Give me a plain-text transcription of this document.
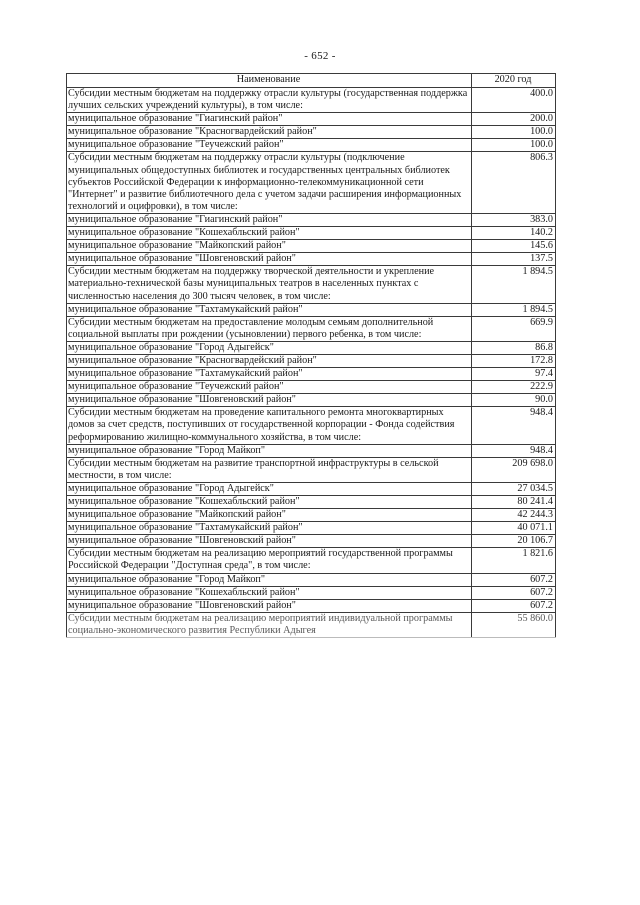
- 652 -
Наименование	2020 год
Субсидии местным бюджетам на поддержку отрасли культуры (государственная поддержка лучших сельских учреждений культуры), в том числе:	400.0
муниципальное образование "Гиагинский район"	200.0
муниципальное образование "Красногвардейский район"	100.0
муниципальное образование "Теучежский район"	100.0
Субсидии местным бюджетам на поддержку отрасли культуры (подключение муниципальных общедоступных библиотек и государственных центральных библиотек субъектов Российской Федерации к информационно-телекоммуникационной сети "Интернет" и развитие библиотечного дела с учетом задачи расширения информационных технологий и оцифровки), в том числе:	806.3
муниципальное образование "Гиагинский район"	383.0
муниципальное образование "Кошехабльский район"	140.2
муниципальное образование "Майкопский район"	145.6
муниципальное образование "Шовгеновский район"	137.5
Субсидии местным бюджетам на поддержку творческой деятельности и укрепление материально-технической базы муниципальных театров в населенных пунктах с численностью населения до 300 тысяч человек, в том числе:	1 894.5
муниципальное образование "Тахтамукайский район"	1 894.5
Субсидии местным бюджетам на предоставление молодым семьям дополнительной социальной выплаты при рождении (усыновлении) первого ребенка, в том числе:	669.9
муниципальное образование "Город Адыгейск"	86.8
муниципальное образование "Красногвардейский район"	172.8
муниципальное образование "Тахтамукайский район"	97.4
муниципальное образование "Теучежский район"	222.9
муниципальное образование "Шовгеновский район"	90.0
Субсидии местным бюджетам на проведение капитального ремонта многоквартирных домов за счет средств, поступивших от государственной корпорации - Фонда содействия реформированию жилищно-коммунального хозяйства, в том числе:	948.4
муниципальное образование "Город Майкоп"	948.4
Субсидии местным бюджетам на развитие транспортной инфраструктуры в сельской местности, в том числе:	209 698.0
муниципальное образование "Город Адыгейск"	27 034.5
муниципальное образование "Кошехабльский район"	80 241.4
муниципальное образование "Майкопский район"	42 244.3
муниципальное образование "Тахтамукайский район"	40 071.1
муниципальное образование "Шовгеновский район"	20 106.7
Субсидии местным бюджетам на реализацию мероприятий государственной программы Российской Федерации "Доступная среда", в том числе:	1 821.6
муниципальное образование "Город Майкоп"	607.2
муниципальное образование "Кошехабльский район"	607.2
муниципальное образование "Шовгеновский район"	607.2
Субсидии местным бюджетам на реализацию мероприятий индивидуальной программы социально-экономического развития Республики Адыгея	55 860.0
